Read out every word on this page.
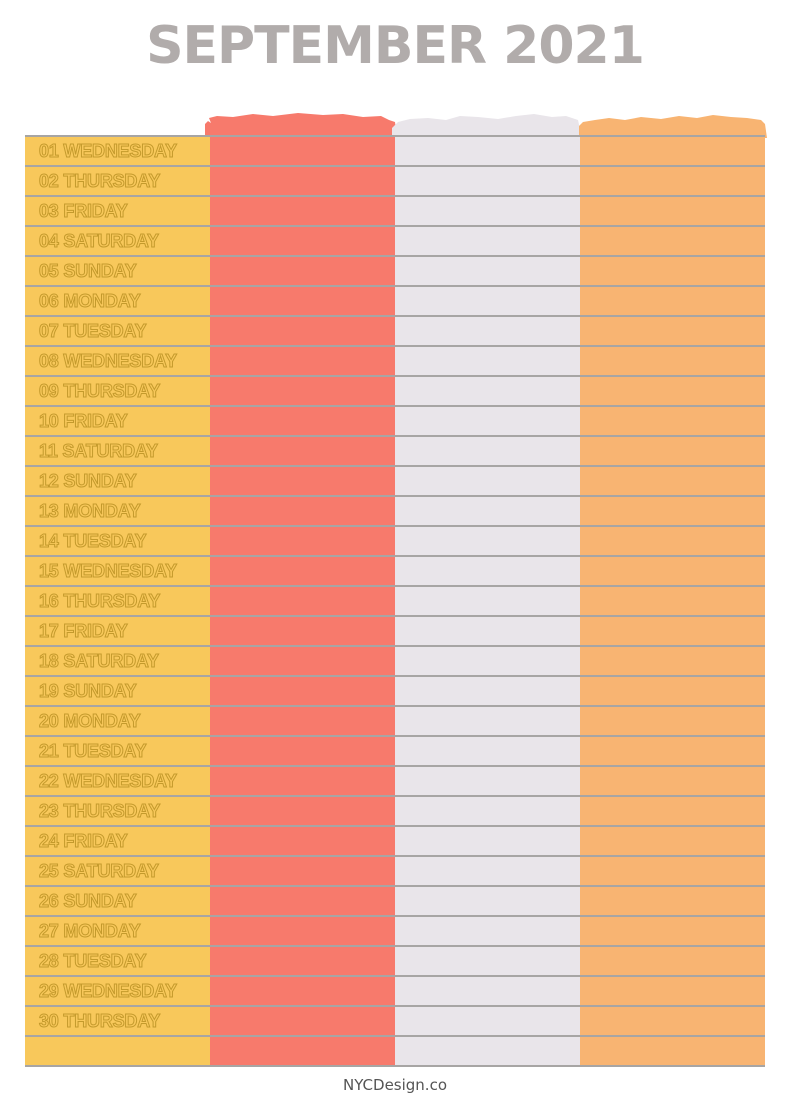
SEPTEMBER 2021
01 WEDNESDAY
02 THURSDAY
03 FRIDAY
04 SATURDAY
05 SUNDAY
06 MONDAY
07 TUESDAY
08 WEDNESDAY
09 THURSDAY
10 FRIDAY
11 SATURDAY
12 SUNDAY
13 MONDAY
14 TUESDAY
15 WEDNESDAY
16 THURSDAY
17 FRIDAY
18 SATURDAY
19 SUNDAY
20 MONDAY
21 TUESDAY
22 WEDNESDAY
23 THURSDAY
24 FRIDAY
25 SATURDAY
26 SUNDAY
27 MONDAY
28 TUESDAY
29 WEDNESDAY
30 THURSDAY
NYCDesign.co
